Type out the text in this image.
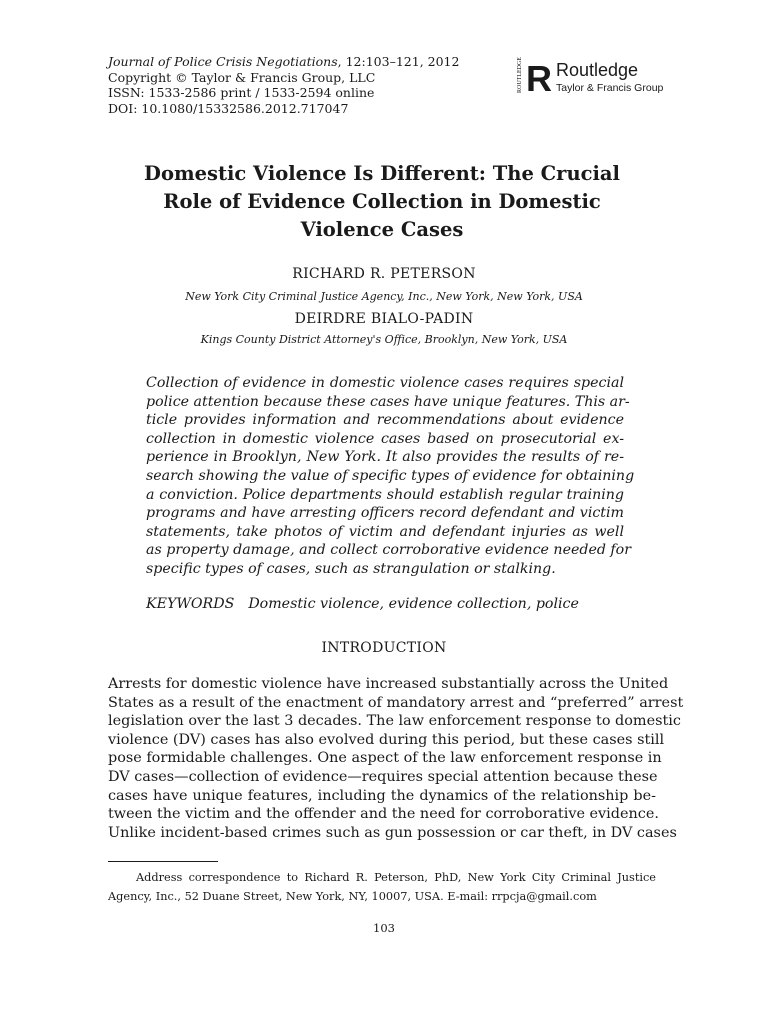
Journal of Police Crisis Negotiations, 12:103–121, 2012
Copyright © Taylor & Francis Group, LLC
ISSN: 1533-2586 print / 1533-2594 online
DOI: 10.1080/15332586.2012.717047
ROUTLEDGE R Routledge
Taylor & Francis Group
Domestic Violence Is Different: The Crucial
Role of Evidence Collection in Domestic
Violence Cases
RICHARD R. PETERSON
New York City Criminal Justice Agency, Inc., New York, New York, USA
DEIRDRE BIALO-PADIN
Kings County District Attorney's Office, Brooklyn, New York, USA
Collection of evidence in domestic violence cases requires special
police attention because these cases have unique features. This ar-
ticle provides information and recommendations about evidence
collection in domestic violence cases based on prosecutorial ex-
perience in Brooklyn, New York. It also provides the results of re-
search showing the value of specific types of evidence for obtaining
a conviction. Police departments should establish regular training
programs and have arresting officers record defendant and victim
statements, take photos of victim and defendant injuries as well
as property damage, and collect corroborative evidence needed for
specific types of cases, such as strangulation or stalking.
KEYWORDS Domestic violence, evidence collection, police
INTRODUCTION
Arrests for domestic violence have increased substantially across the United
States as a result of the enactment of mandatory arrest and “preferred” arrest
legislation over the last 3 decades. The law enforcement response to domestic
violence (DV) cases has also evolved during this period, but these cases still
pose formidable challenges. One aspect of the law enforcement response in
DV cases—collection of evidence—requires special attention because these
cases have unique features, including the dynamics of the relationship be-
tween the victim and the offender and the need for corroborative evidence.
Unlike incident-based crimes such as gun possession or car theft, in DV cases
Address correspondence to Richard R. Peterson, PhD, New York City Criminal Justice
Agency, Inc., 52 Duane Street, New York, NY, 10007, USA. E-mail: rrpcja@gmail.com
103
